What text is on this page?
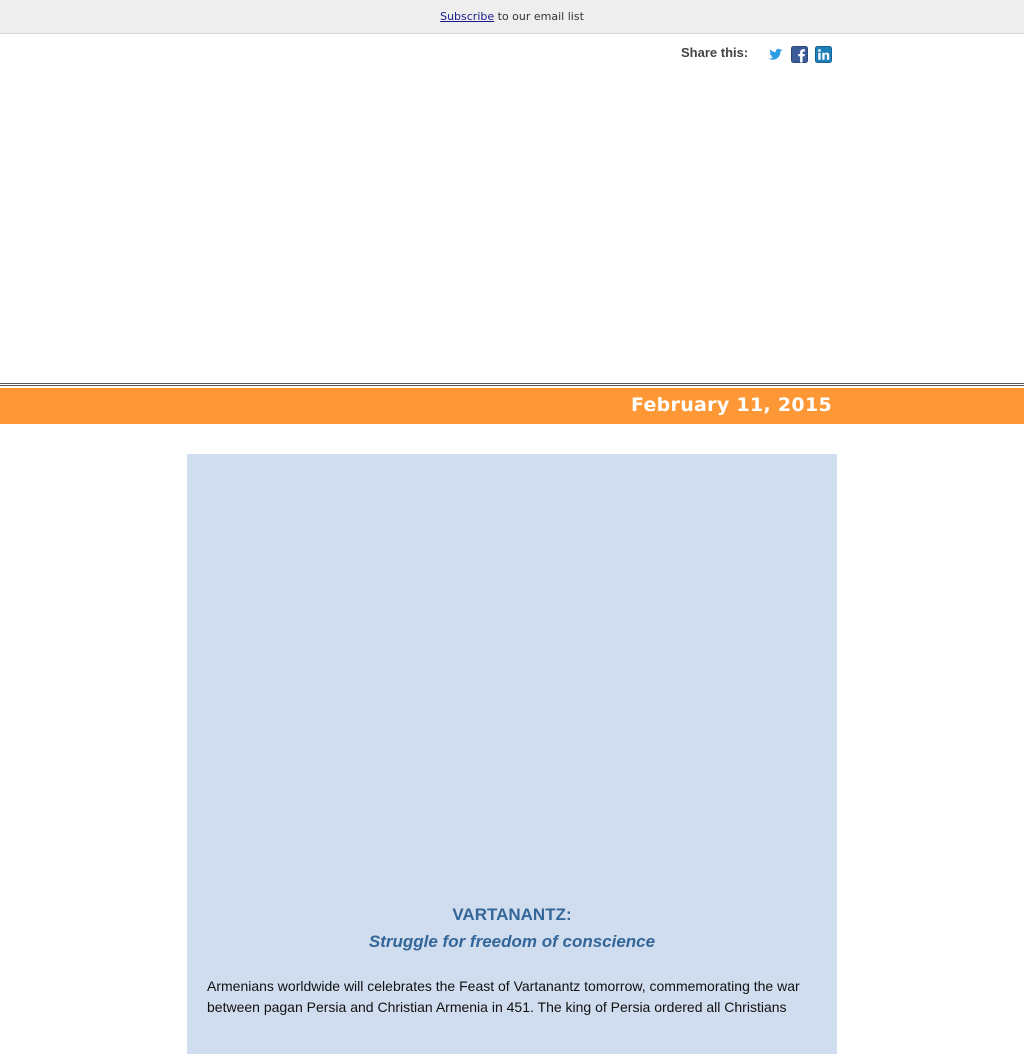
Subscribe to our email list
Share this:
February 11, 2015
VARTANANTZ:
Struggle for freedom of conscience

Armenians worldwide will celebrates the Feast of Vartanantz tomorrow, commemorating the war between pagan Persia and Christian Armenia in 451. The king of Persia ordered all Christians
